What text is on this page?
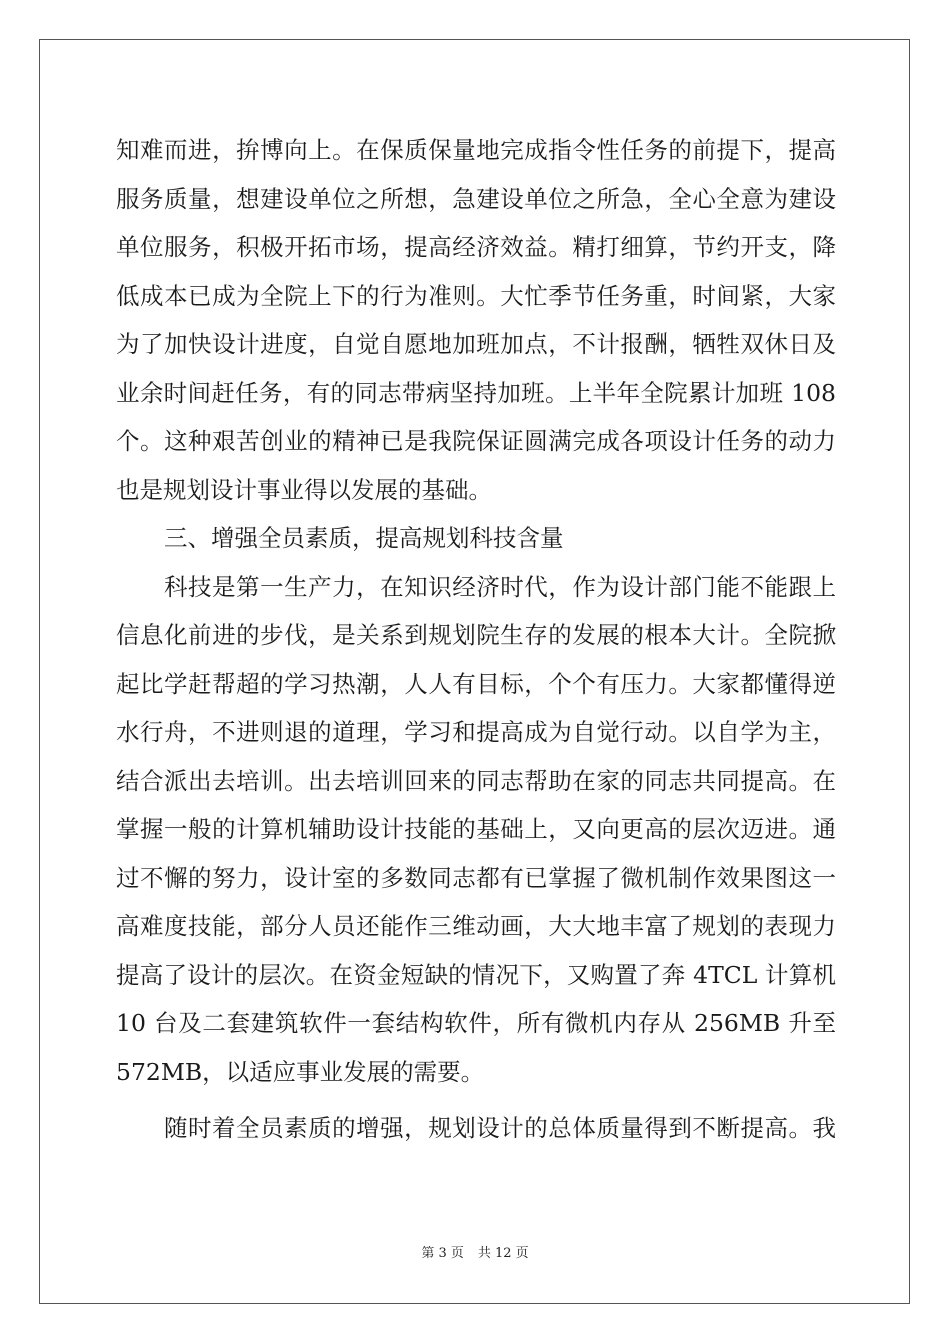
知难而进，拚博向上。在保质保量地完成指令性任务的前提下，提高
服务质量，想建设单位之所想，急建设单位之所急，全心全意为建设
单位服务，积极开拓市场，提高经济效益。精打细算，节约开支，降
低成本已成为全院上下的行为准则。大忙季节任务重，时间紧，大家
为了加快设计进度，自觉自愿地加班加点，不计报酬，牺牲双休日及
业余时间赶任务，有的同志带病坚持加班。上半年全院累计加班 108
个。这种艰苦创业的精神已是我院保证圆满完成各项设计任务的动力
也是规划设计事业得以发展的基础。
三、增强全员素质，提高规划科技含量
科技是第一生产力，在知识经济时代，作为设计部门能不能跟上
信息化前进的步伐，是关系到规划院生存的发展的根本大计。全院掀
起比学赶帮超的学习热潮，人人有目标，个个有压力。大家都懂得逆
水行舟，不进则退的道理，学习和提高成为自觉行动。以自学为主，
结合派出去培训。出去培训回来的同志帮助在家的同志共同提高。在
掌握一般的计算机辅助设计技能的基础上，又向更高的层次迈进。通
过不懈的努力，设计室的多数同志都有已掌握了微机制作效果图这一
高难度技能，部分人员还能作三维动画，大大地丰富了规划的表现力
提高了设计的层次。在资金短缺的情况下，又购置了奔 4TCL 计算机
10 台及二套建筑软件一套结构软件，所有微机内存从 256MB 升至
572MB，以适应事业发展的需要。
随时着全员素质的增强，规划设计的总体质量得到不断提高。我
第 3 页 共 12 页
